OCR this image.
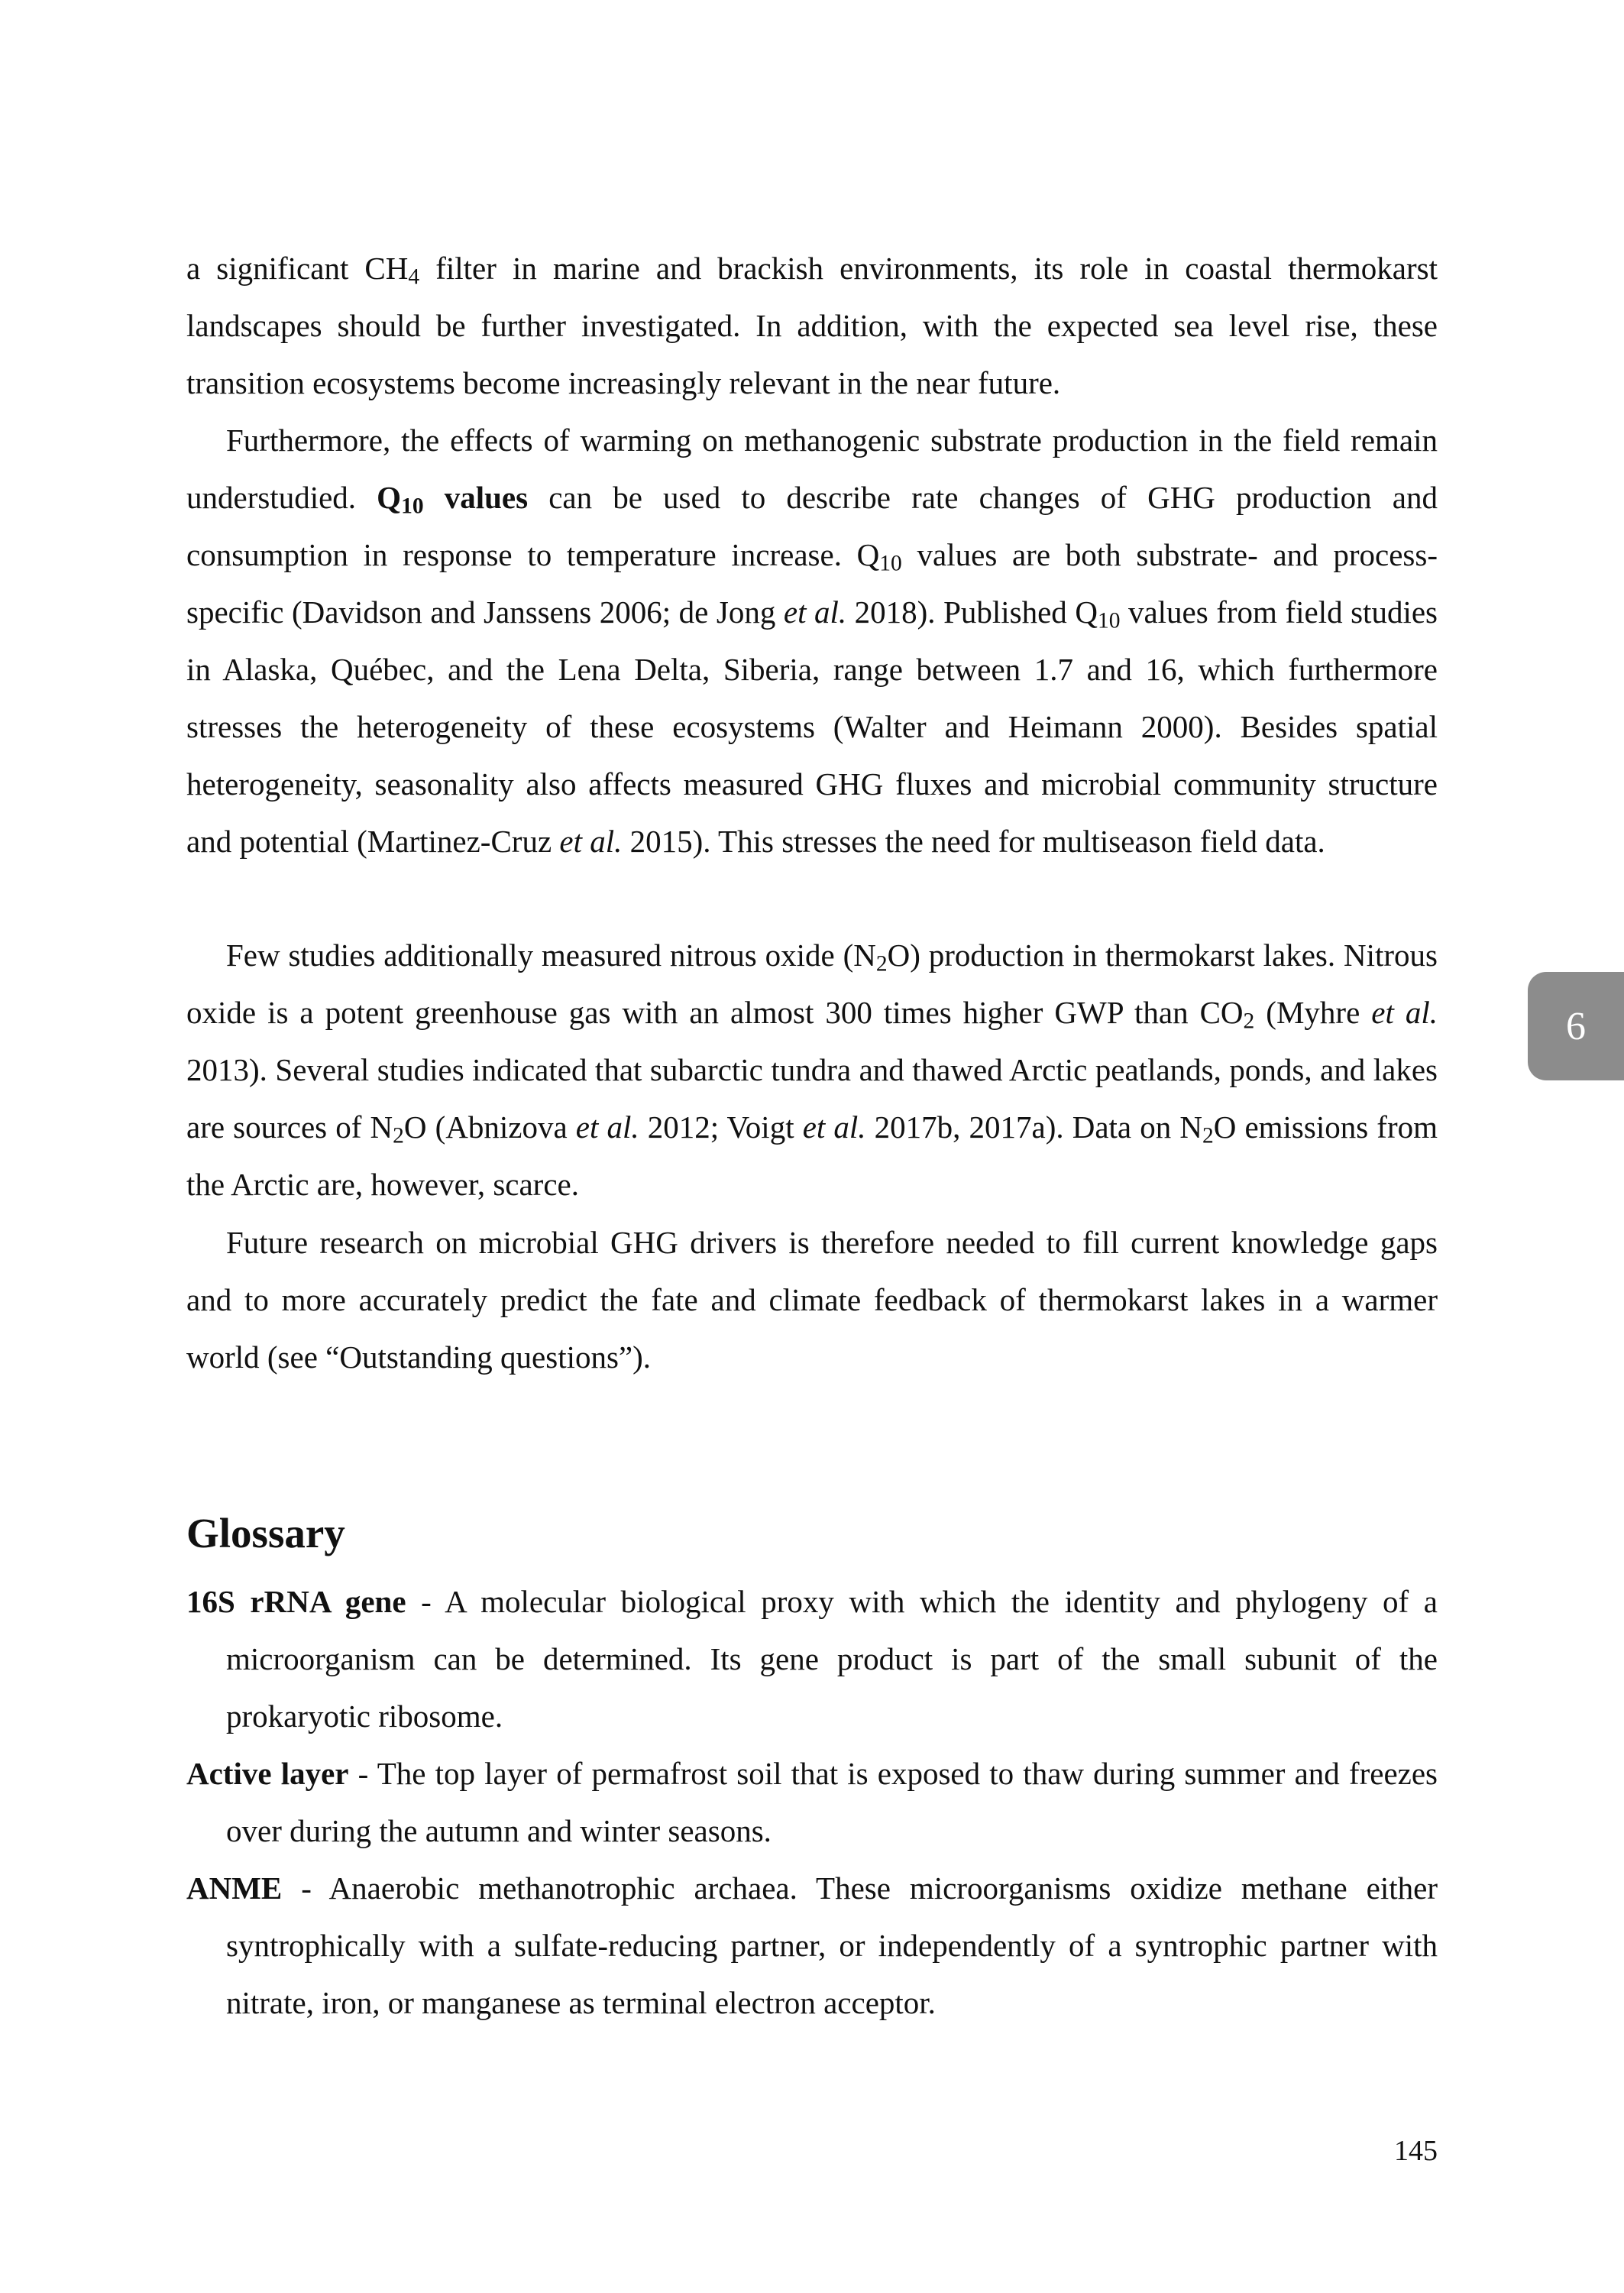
a significant $CH_4$ filter in marine and brackish environments, its role in coastal thermokarst landscapes should be further investigated. In addition, with the expected sea level rise, these transition ecosystems become increasingly relevant in the near future.

Furthermore, the effects of warming on methanogenic substrate production in the field remain understudied. $Q_{10}$ values can be used to describe rate changes of GHG production and consumption in response to temperature increase. $Q_{10}$ values are both substrate- and process-specific (Davidson and Janssens 2006; de Jong et al. 2018). Published $Q_{10}$ values from field studies in Alaska, Québec, and the Lena Delta, Siberia, range between 1.7 and 16, which furthermore stresses the heterogeneity of these ecosystems (Walter and Heimann 2000). Besides spatial heterogeneity, seasonality also affects measured GHG fluxes and microbial community structure and potential (Martinez-Cruz et al. 2015). This stresses the need for multiseason field data.

Few studies additionally measured nitrous oxide $(N_2O)$ production in thermokarst lakes. Nitrous oxide is a potent greenhouse gas with an almost 300 times higher GWP than $CO_2$ (Myhre et al. 2013). Several studies indicated that subarctic tundra and thawed Arctic peatlands, ponds, and lakes are sources of $N_2O$ (Abnizova et al. 2012; Voigt et al. 2017b, 2017a). Data on $N_2O$ emissions from the Arctic are, however, scarce.

Future research on microbial GHG drivers is therefore needed to fill current knowledge gaps and to more accurately predict the fate and climate feedback of thermokarst lakes in a warmer world (see “Outstanding questions”).

Glossary

16S rRNA gene - A molecular biological proxy with which the identity and phylogeny of a microorganism can be determined. Its gene product is part of the small subunit of the prokaryotic ribosome.

Active layer - The top layer of permafrost soil that is exposed to thaw during summer and freezes over during the autumn and winter seasons.

ANME - Anaerobic methanotrophic archaea. These microorganisms oxidize methane either syntrophically with a sulfate-reducing partner, or independently of a syntrophic partner with nitrate, iron, or manganese as terminal electron acceptor.

6
145
